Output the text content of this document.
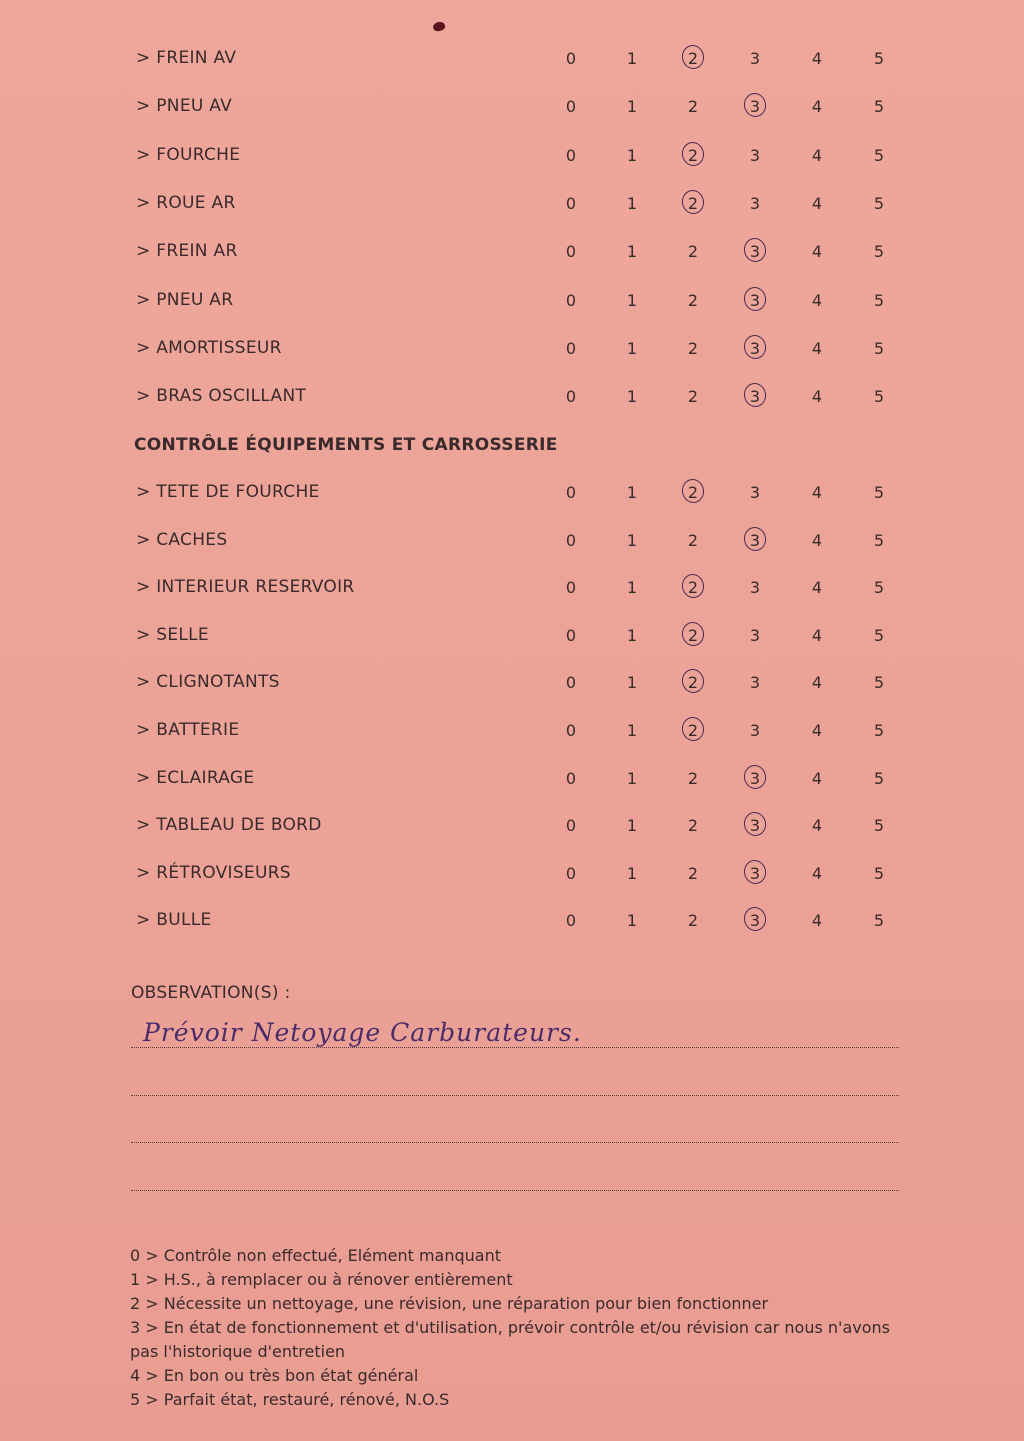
> FREIN AV	0	1	2	3	4	5
> PNEU AV	0	1	2	3	4	5
> FOURCHE	0	1	2	3	4	5
> ROUE AR	0	1	2	3	4	5
> FREIN AR	0	1	2	3	4	5
> PNEU AR	0	1	2	3	4	5
> AMORTISSEUR	0	1	2	3	4	5
> BRAS OSCILLANT	0	1	2	3	4	5
CONTRÔLE ÉQUIPEMENTS ET CARROSSERIE
> TETE DE FOURCHE	0	1	2	3	4	5
> CACHES	0	1	2	3	4	5
> INTERIEUR RESERVOIR	0	1	2	3	4	5
> SELLE	0	1	2	3	4	5
> CLIGNOTANTS	0	1	2	3	4	5
> BATTERIE	0	1	2	3	4	5
> ECLAIRAGE	0	1	2	3	4	5
> TABLEAU DE BORD	0	1	2	3	4	5
> RÉTROVISEURS	0	1	2	3	4	5
> BULLE	0	1	2	3	4	5
OBSERVATION(S) :
Prévoir Netoyage Carburateurs.
0 > Contrôle non effectué, Elément manquant
1 > H.S., à remplacer ou à rénover entièrement
2 > Nécessite un nettoyage, une révision, une réparation pour bien fonctionner
3 > En état de fonctionnement et d'utilisation, prévoir contrôle et/ou révision car nous n'avons pas l'historique d'entretien
4 > En bon ou très bon état général
5 > Parfait état, restauré, rénové, N.O.S
